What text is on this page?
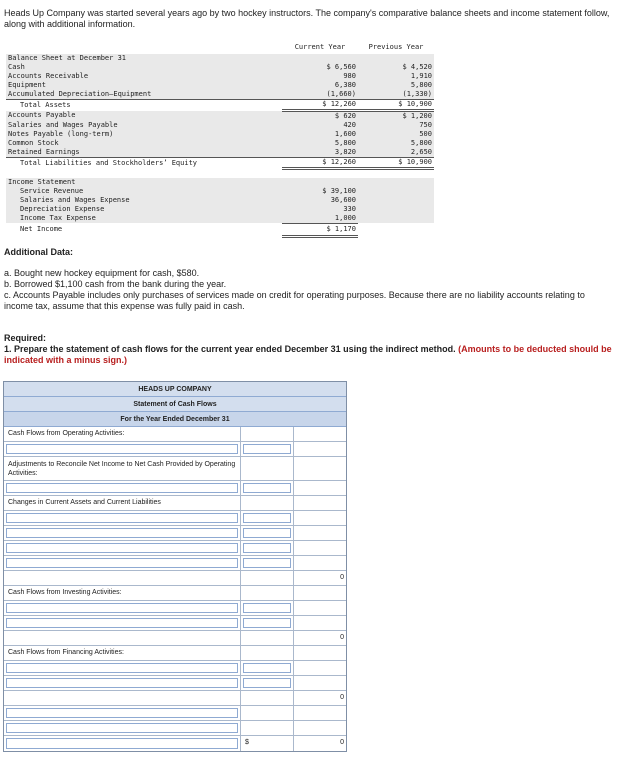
Heads Up Company was started several years ago by two hockey instructors. The company's comparative balance sheets and income statement follow, along with additional information.
	Current Year	Previous Year
Balance Sheet at December 31		
Cash	$ 6,560	$ 4,520
Accounts Receivable	980	1,910
Equipment	6,380	5,800
Accumulated Depreciation–Equipment	(1,660)	(1,330)
Total Assets	$ 12,260	$ 10,900
Accounts Payable	$ 620	$ 1,200
Salaries and Wages Payable	420	750
Notes Payable (long-term)	1,600	500
Common Stock	5,800	5,800
Retained Earnings	3,820	2,650
Total Liabilities and Stockholders’ Equity	$ 12,260	$ 10,900

Income Statement		
Service Revenue	$ 39,100	
Salaries and Wages Expense	36,600	
Depreciation Expense	330	
Income Tax Expense	1,000	
Net Income	$ 1,170	
Additional Data:
a. Bought new hockey equipment for cash, $580.
b. Borrowed $1,100 cash from the bank during the year.
c. Accounts Payable includes only purchases of services made on credit for operating purposes. Because there are no liability accounts relating to income tax, assume that this expense was fully paid in cash.
Required:
1. Prepare the statement of cash flows for the current year ended December 31 using the indirect method. (Amounts to be deducted should be indicated with a minus sign.)
HEADS UP COMPANY
Statement of Cash Flows
For the Year Ended December 31
Cash Flows from Operating Activities:
Adjustments to Reconcile Net Income to Net Cash Provided by Operating Activities:
Changes in Current Assets and Current Liabilities
0
Cash Flows from Investing Activities:
0
Cash Flows from Financing Activities:
0
$	0
